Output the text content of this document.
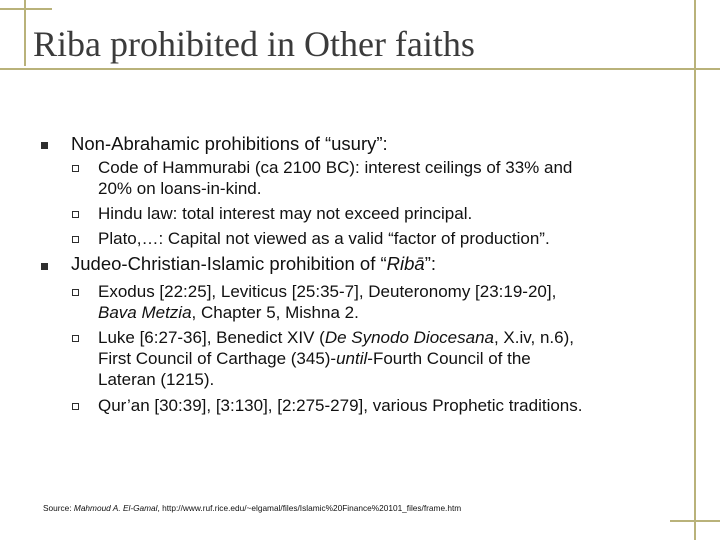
Riba prohibited in Other faiths
Non-Abrahamic prohibitions of “usury”:
Code of Hammurabi (ca 2100 BC): interest ceilings of 33% and
20% on loans-in-kind.
Hindu law: total interest may not exceed principal.
Plato,…: Capital not viewed as a valid “factor of production”.
Judeo-Christian-Islamic prohibition of “Ribā”:
Exodus [22:25], Leviticus [25:35-7], Deuteronomy [23:19-20],
Bava Metzia, Chapter 5, Mishna 2.
Luke [6:27-36], Benedict XIV (De Synodo Diocesana, X.iv, n.6),
First Council of Carthage (345)-until-Fourth Council of the
Lateran (1215).
Qur’an [30:39], [3:130], [2:275-279], various Prophetic traditions.
Source: Mahmoud A. El-Gamal, http://www.ruf.rice.edu/~elgamal/files/Islamic%20Finance%20101_files/frame.htm
